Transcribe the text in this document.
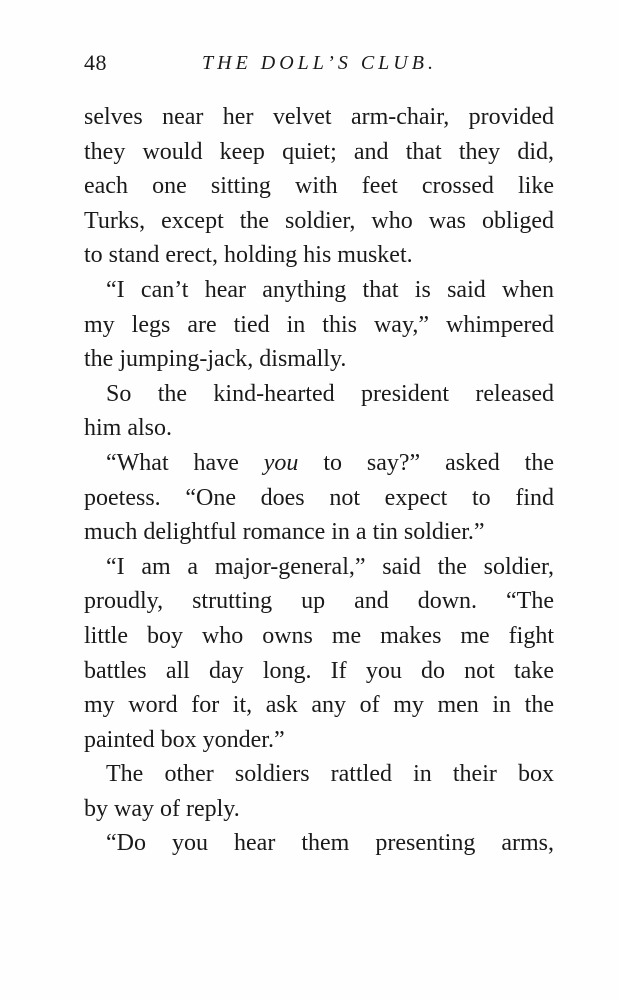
48	THE DOLL’S CLUB.
selves near her velvet arm-chair, provided
they would keep quiet; and that they did,
each one sitting with feet crossed like
Turks, except the soldier, who was obliged
to stand erect, holding his musket.
“I can’t hear anything that is said when
my legs are tied in this way,” whimpered
the jumping-jack, dismally.
So the kind-hearted president released
him also.
“What have you to say?” asked the
poetess. “One does not expect to find
much delightful romance in a tin soldier.”
“I am a major-general,” said the soldier,
proudly, strutting up and down. “The
little boy who owns me makes me fight
battles all day long. If you do not take
my word for it, ask any of my men in the
painted box yonder.”
The other soldiers rattled in their box
by way of reply.
“Do you hear them presenting arms,
